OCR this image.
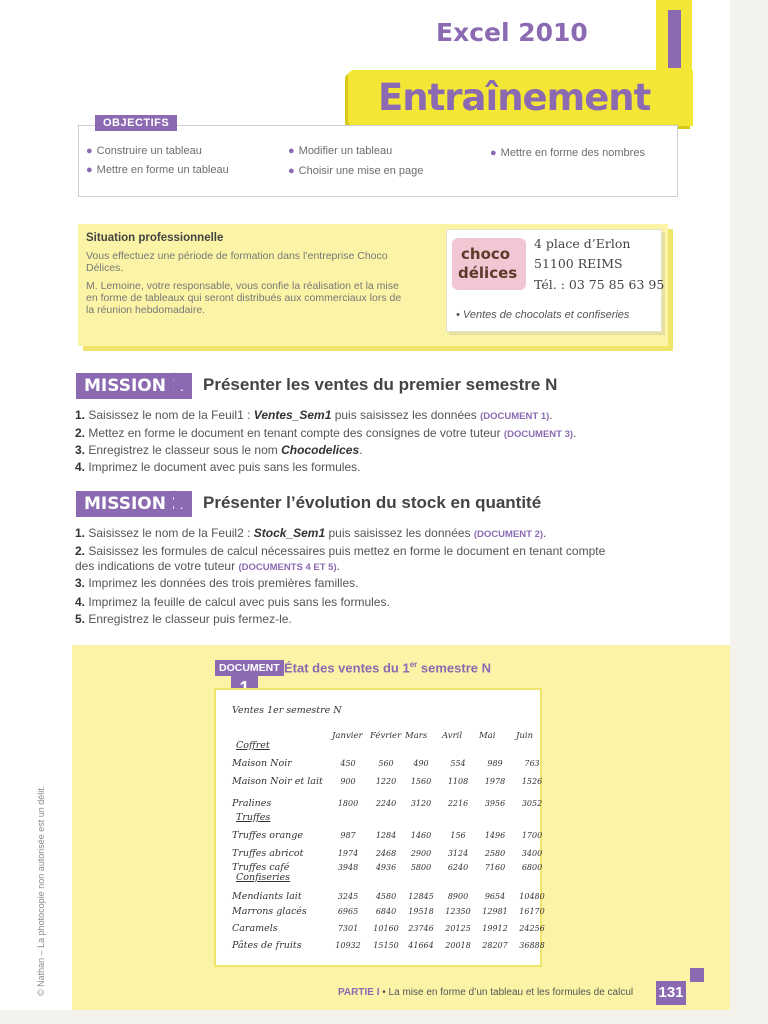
Excel 2010
Entraînement
OBJECTIFS
● Construire un tableau
● Mettre en forme un tableau
● Modifier un tableau
● Choisir une mise en page
● Mettre en forme des nombres
Situation professionnelle
Vous effectuez une période de formation dans l’entreprise Choco
Délices.
M. Lemoine, votre responsable, vous confie la réalisation et la mise
en forme de tableaux qui seront distribués aux commerciaux lors de
la réunion hebdomadaire.
choco
délices
4 place d’Erlon
51100 REIMS
Tél. : 03 75 85 63 95
• Ventes de chocolats et confiseries
MISSION 1	Présenter les ventes du premier semestre N
1. Saisissez le nom de la Feuil1 : Ventes_Sem1 puis saisissez les données (DOCUMENT 1).
2. Mettez en forme le document en tenant compte des consignes de votre tuteur (DOCUMENT 3).
3. Enregistrez le classeur sous le nom Chocodelices.
4. Imprimez le document avec puis sans les formules.
MISSION 2	Présenter l’évolution du stock en quantité
1. Saisissez le nom de la Feuil2 : Stock_Sem1 puis saisissez les données (DOCUMENT 2).
2. Saisissez les formules de calcul nécessaires puis mettez en forme le document en tenant compte
des indications de votre tuteur (DOCUMENTS 4 ET 5).
3. Imprimez les données des trois premières familles.
4. Imprimez la feuille de calcul avec puis sans les formules.
5. Enregistrez le classeur puis fermez-le.
DOCUMENT État des ventes du 1er semestre N
Ventes 1er semestre N
Janvier Février Mars Avril Mai Juin
Coffret
Maison Noir	450	560	490	554	989	763
Maison Noir et lait	900	1220	1560	1108	1978	1526
Pralines	1800	2240	3120	2216	3956	3052
Truffes
Truffes orange	987	1284	1460	156	1496	1700
Truffes abricot	1974	2468	2900	3124	2580	3400
Truffes café	3948	4936	5800	6240	7160	6800
Confiseries
Mendiants lait	3245	4580	12845	8900	9654	10480
Marrons glacés	6965	6840	19518	12350	12981	16170
Caramels	7301	10160	23746	20125	19912	24256
Pâtes de fruits	10932	15150	41664	20018	28207	36888
© Nathan – La photocopie non autorisée est un délit.	PARTIE I • La mise en forme d’un tableau et les formules de calcul 131
